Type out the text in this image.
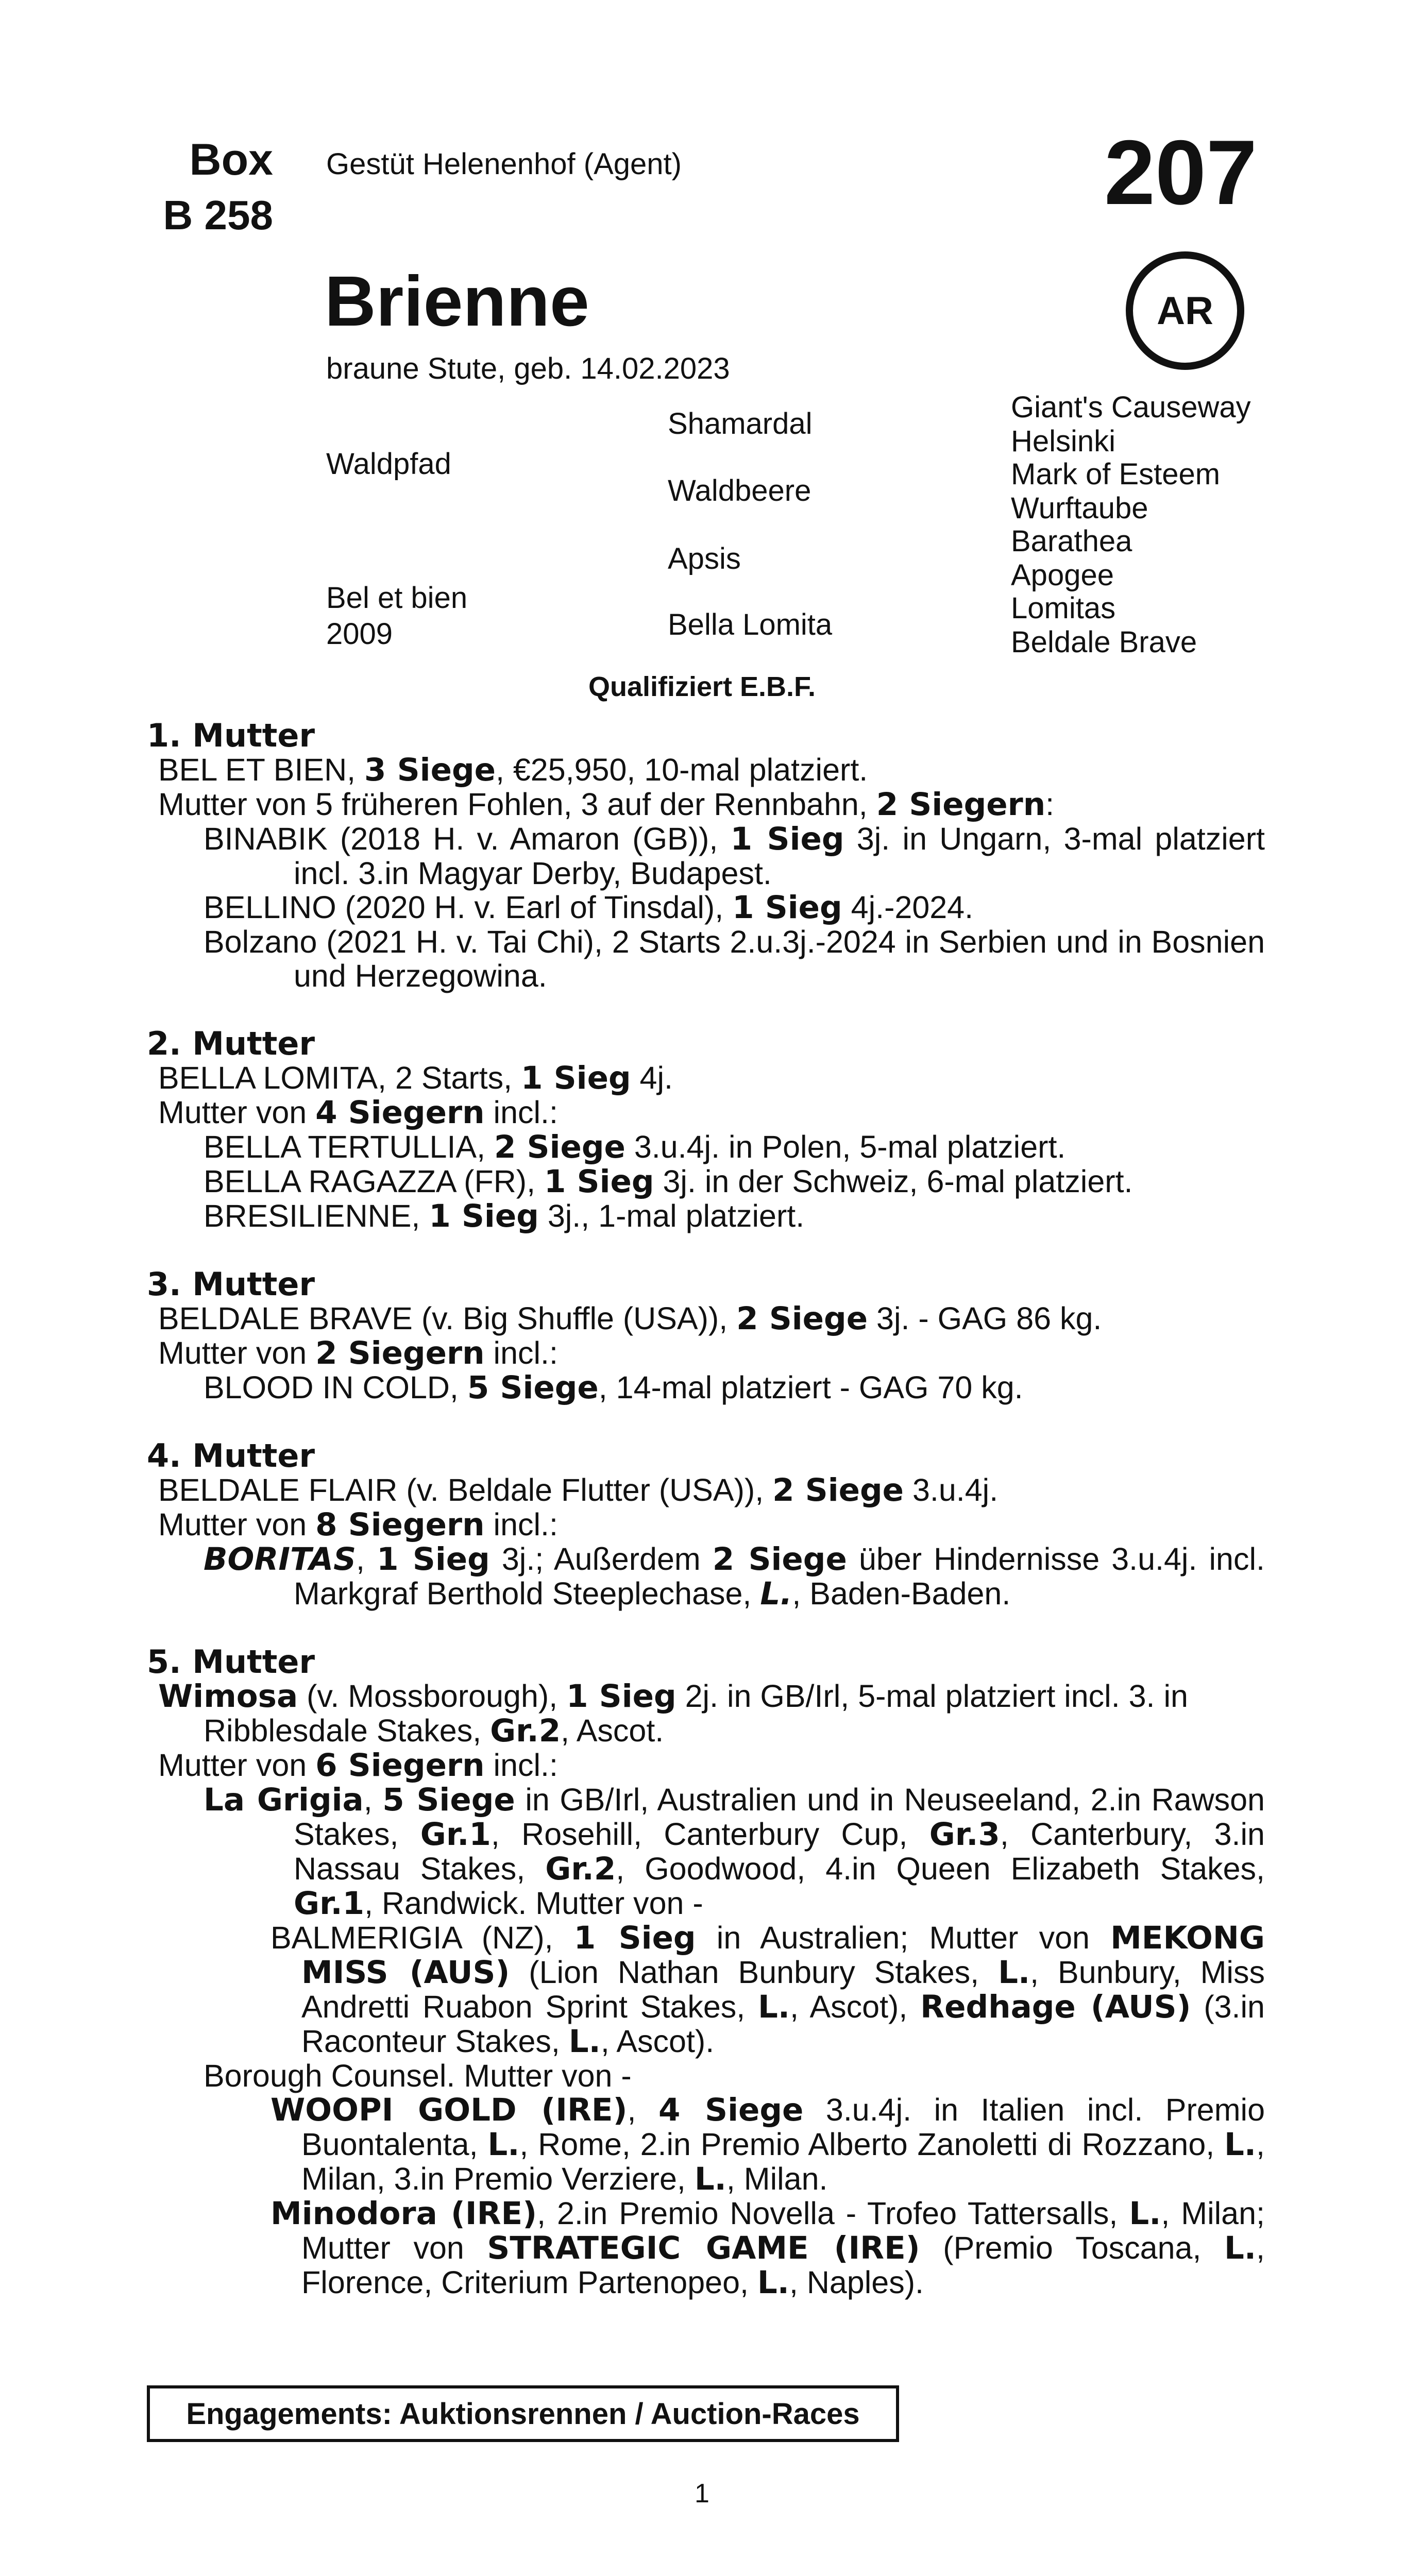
Box
B 258
Gestüt Helenenhof (Agent)	207
Brienne
braune Stute, geb. 14.02.2023
AR
Waldpfad
Bel et bien
2009
Shamardal
Waldbeere
Apsis
Bella Lomita
Giant's Causeway
Helsinki
Mark of Esteem
Wurftaube
Barathea
Apogee
Lomitas
Beldale Brave
Qualifiziert E.B.F.
1. Mutter
BEL ET BIEN, 3 Siege, €25,950, 10-mal platziert.
Mutter von 5 früheren Fohlen, 3 auf der Rennbahn, 2 Siegern:
BINABIK (2018 H. v. Amaron (GB)), 1 Sieg 3j. in Ungarn, 3-mal platziert incl. 3.in Magyar Derby, Budapest.
BELLINO (2020 H. v. Earl of Tinsdal), 1 Sieg 4j.-2024.
Bolzano (2021 H. v. Tai Chi), 2 Starts 2.u.3j.-2024 in Serbien und in Bosnien und Herzegowina.
2. Mutter
BELLA LOMITA, 2 Starts, 1 Sieg 4j.
Mutter von 4 Siegern incl.:
BELLA TERTULLIA, 2 Siege 3.u.4j. in Polen, 5-mal platziert.
BELLA RAGAZZA (FR), 1 Sieg 3j. in der Schweiz, 6-mal platziert.
BRESILIENNE, 1 Sieg 3j., 1-mal platziert.
3. Mutter
BELDALE BRAVE (v. Big Shuffle (USA)), 2 Siege 3j. - GAG 86 kg.
Mutter von 2 Siegern incl.:
BLOOD IN COLD, 5 Siege, 14-mal platziert - GAG 70 kg.
4. Mutter
BELDALE FLAIR (v. Beldale Flutter (USA)), 2 Siege 3.u.4j.
Mutter von 8 Siegern incl.:
BORITAS, 1 Sieg 3j.; Außerdem 2 Siege über Hindernisse 3.u.4j. incl. Markgraf Berthold Steeplechase, L., Baden-Baden.
5. Mutter
Wimosa (v. Mossborough), 1 Sieg 2j. in GB/Irl, 5-mal platziert incl. 3. in Ribblesdale Stakes, Gr.2, Ascot.
Mutter von 6 Siegern incl.:
La Grigia, 5 Siege in GB/Irl, Australien und in Neuseeland, 2.in Rawson Stakes, Gr.1, Rosehill, Canterbury Cup, Gr.3, Canterbury, 3.in Nassau Stakes, Gr.2, Goodwood, 4.in Queen Elizabeth Stakes, Gr.1, Randwick. Mutter von -
BALMERIGIA (NZ), 1 Sieg in Australien; Mutter von MEKONG MISS (AUS) (Lion Nathan Bunbury Stakes, L., Bunbury, Miss Andretti Ruabon Sprint Stakes, L., Ascot), Redhage (AUS) (3.in Raconteur Stakes, L., Ascot).
Borough Counsel. Mutter von -
WOOPI GOLD (IRE), 4 Siege 3.u.4j. in Italien incl. Premio Buontalenta, L., Rome, 2.in Premio Alberto Zanoletti di Rozzano, L., Milan, 3.in Premio Verziere, L., Milan.
Minodora (IRE), 2.in Premio Novella - Trofeo Tattersalls, L., Milan; Mutter von STRATEGIC GAME (IRE) (Premio Toscana, L., Florence, Criterium Partenopeo, L., Naples).
Engagements: Auktionsrennen / Auction-Races
1
